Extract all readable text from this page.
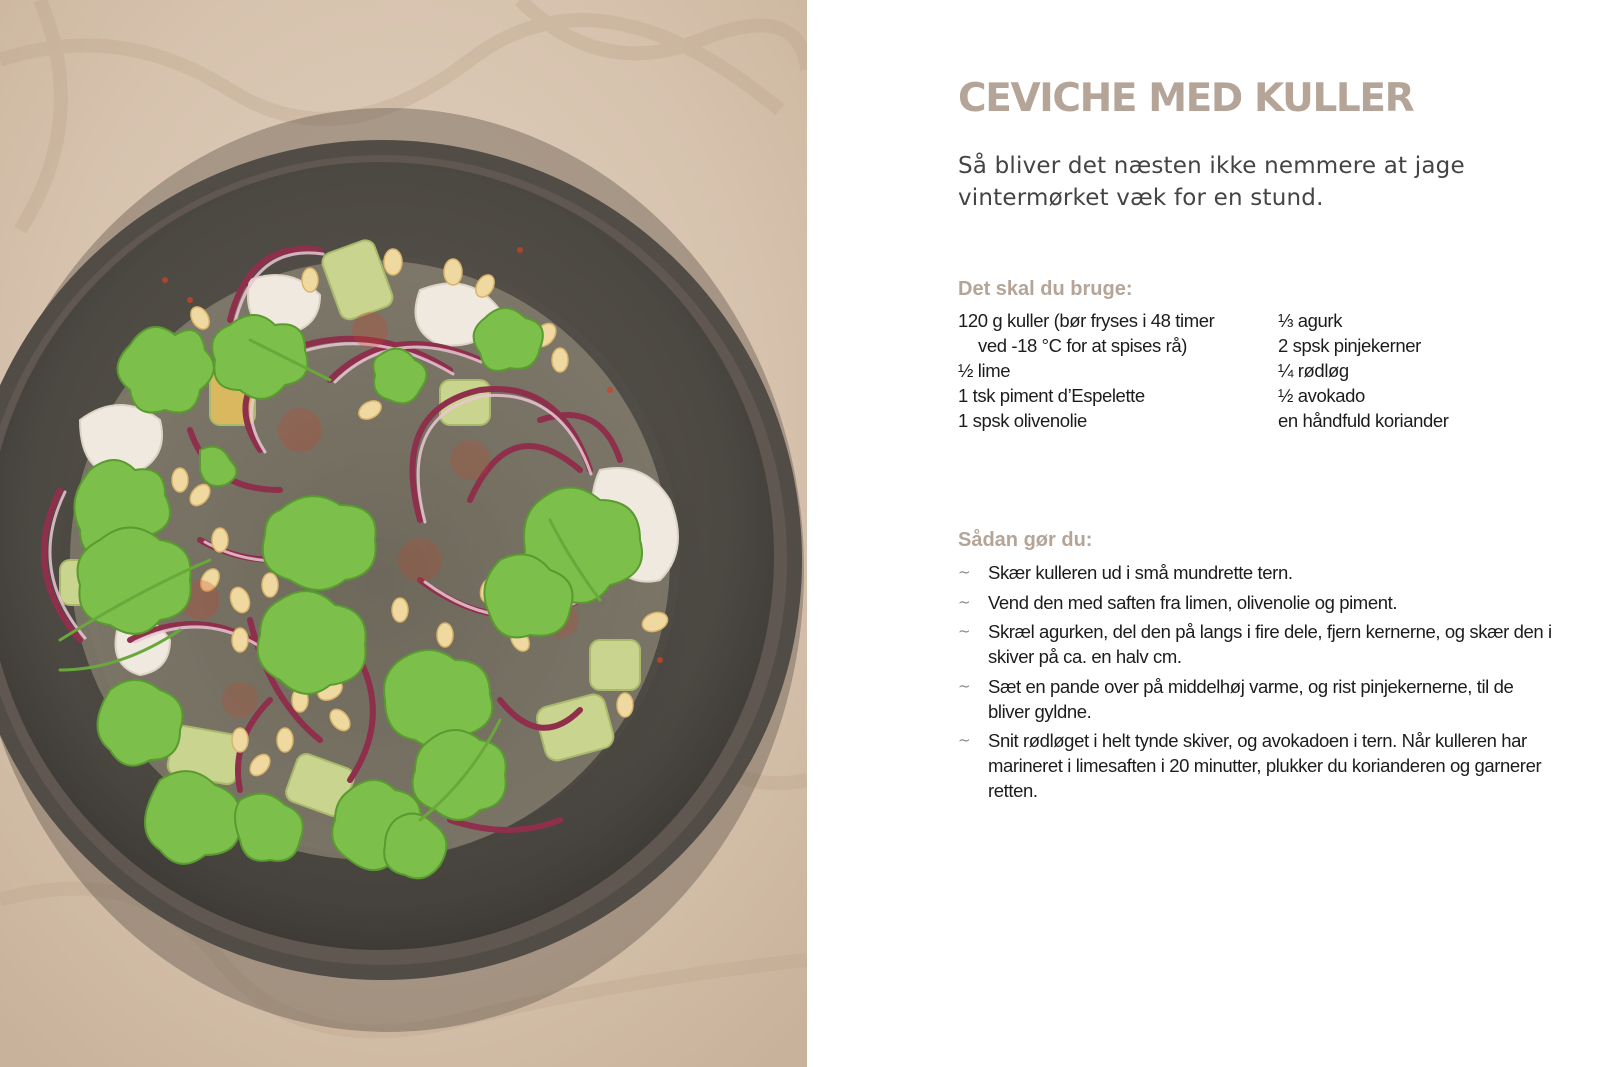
CEVICHE MED KULLER

Så bliver det næsten ikke nemmere at jage vintermørket væk for en stund.

Det skal du bruge:
120 g kuller (bør fryses i 48 timer ved -18 °C for at spises rå)
½ lime
1 tsk piment d’Espelette
1 spsk olivenolie
⅓ agurk
2 spsk pinjekerner
¼ rødløg
½ avokado
en håndfuld koriander
Sådan gør du:
~ Skær kulleren ud i små mundrette tern.
~ Vend den med saften fra limen, olivenolie og piment.
~ Skræl agurken, del den på langs i fire dele, fjern kernerne, og skær den i skiver på ca. en halv cm.
~ Sæt en pande over på middelhøj varme, og rist pinjekernerne, til de bliver gyldne.
~ Snit rødløget i helt tynde skiver, og avokadoen i tern. Når kulleren har marineret i limesaften i 20 minutter, plukker du korianderen og garnerer retten.
